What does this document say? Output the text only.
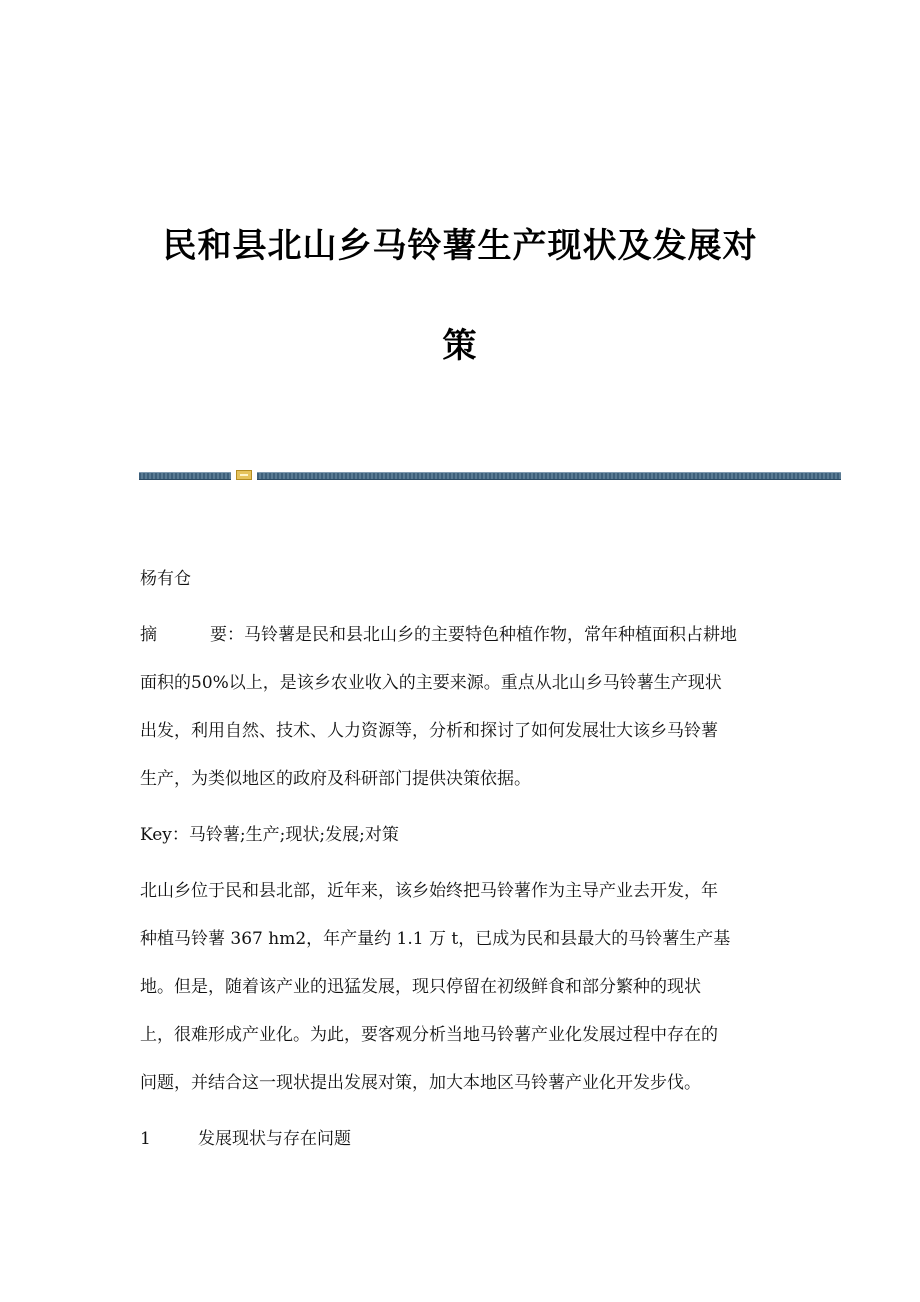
民和县北山乡马铃薯生产现状及发展对
策
杨有仓
摘	要：马铃薯是民和县北山乡的主要特色种植作物，常年种植面积占耕地
面积的50%以上，是该乡农业收入的主要来源。重点从北山乡马铃薯生产现状
出发，利用自然、技术、人力资源等，分析和探讨了如何发展壮大该乡马铃薯
生产，为类似地区的政府及科研部门提供决策依据。
Key：马铃薯;生产;现状;发展;对策
北山乡位于民和县北部，近年来，该乡始终把马铃薯作为主导产业去开发，年
种植马铃薯 367 hm2，年产量约 1.1 万 t，已成为民和县最大的马铃薯生产基
地。但是，随着该产业的迅猛发展，现只停留在初级鲜食和部分繁种的现状
上，很难形成产业化。为此，要客观分析当地马铃薯产业化发展过程中存在的
问题，并结合这一现状提出发展对策，加大本地区马铃薯产业化开发步伐。
1	发展现状与存在问题
